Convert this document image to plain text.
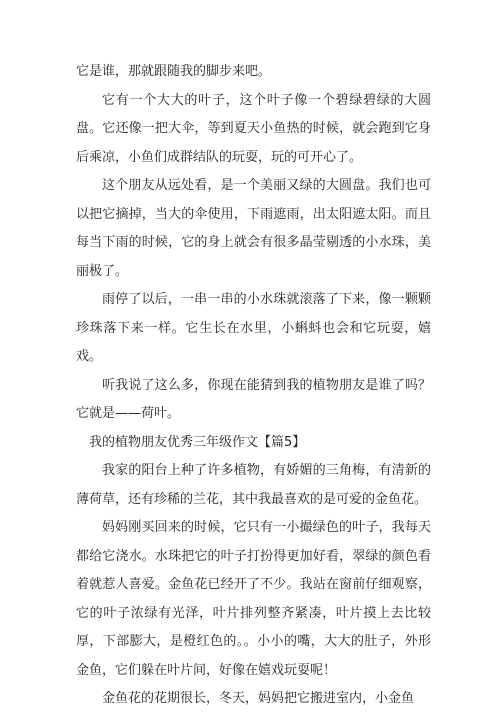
它是谁，那就跟随我的脚步来吧。

它有一个大大的叶子，这个叶子像一个碧绿碧绿的大圆盘。它还像一把大伞，等到夏天小鱼热的时候，就会跑到它身后乘凉，小鱼们成群结队的玩耍，玩的可开心了。

这个朋友从远处看，是一个美丽又绿的大圆盘。我们也可以把它摘掉，当大的伞使用，下雨遮雨，出太阳遮太阳。而且每当下雨的时候，它的身上就会有很多晶莹剔透的小水珠，美丽极了。

雨停了以后，一串一串的小水珠就滚落了下来，像一颗颗珍珠落下来一样。它生长在水里，小蝌蚪也会和它玩耍，嬉戏。

听我说了这么多，你现在能猜到我的植物朋友是谁了吗？它就是——荷叶。

我的植物朋友优秀三年级作文【篇5】

我家的阳台上种了许多植物，有娇媚的三角梅，有清新的薄荷草，还有珍稀的兰花，其中我最喜欢的是可爱的金鱼花。

妈妈刚买回来的时候，它只有一小撮绿色的叶子，我每天都给它浇水。水珠把它的叶子打扮得更加好看，翠绿的颜色看着就惹人喜爱。金鱼花已经开了不少。我站在窗前仔细观察，它的叶子浓绿有光泽，叶片排列整齐紧凑，叶片摸上去比较厚，下部膨大，是橙红色的。。小小的嘴，大大的肚子，外形金鱼，它们躲在叶片间，好像在嬉戏玩耍呢！

金鱼花的花期很长，冬天，妈妈把它搬进室内，小金鱼
